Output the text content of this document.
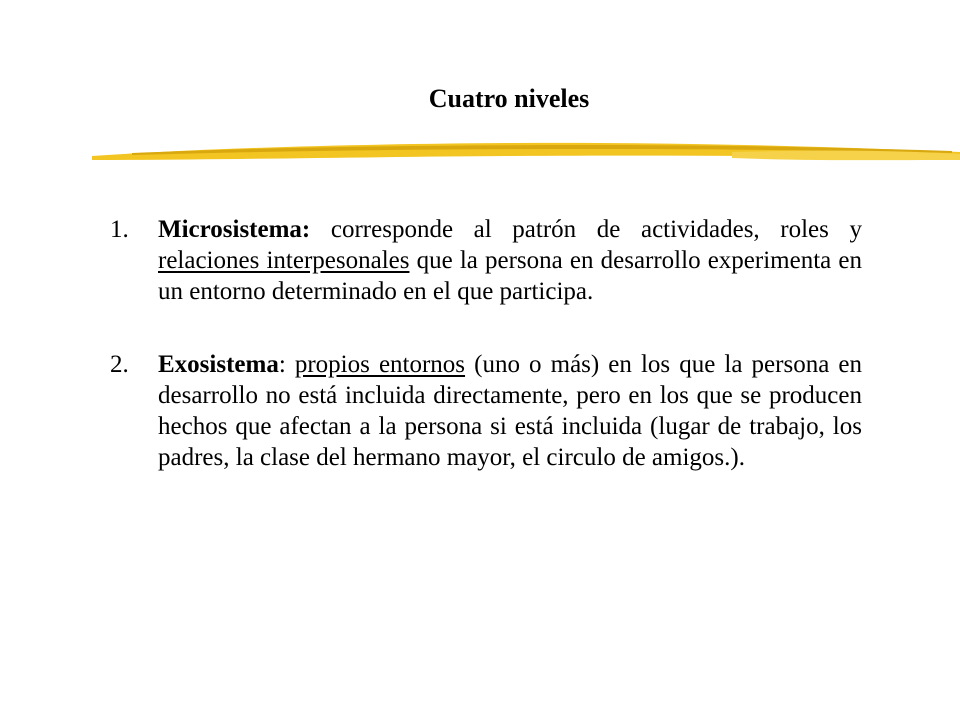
Cuatro niveles
1. Microsistema: corresponde al patrón de actividades, roles y relaciones interpesonales que la persona en desarrollo experimenta en un entorno determinado en el que participa.
2. Exosistema: propios entornos (uno o más) en los que la persona en desarrollo no está incluida directamente, pero en los que se producen hechos que afectan a la persona si está incluida (lugar de trabajo, los padres, la clase del hermano mayor, el circulo de amigos.).
